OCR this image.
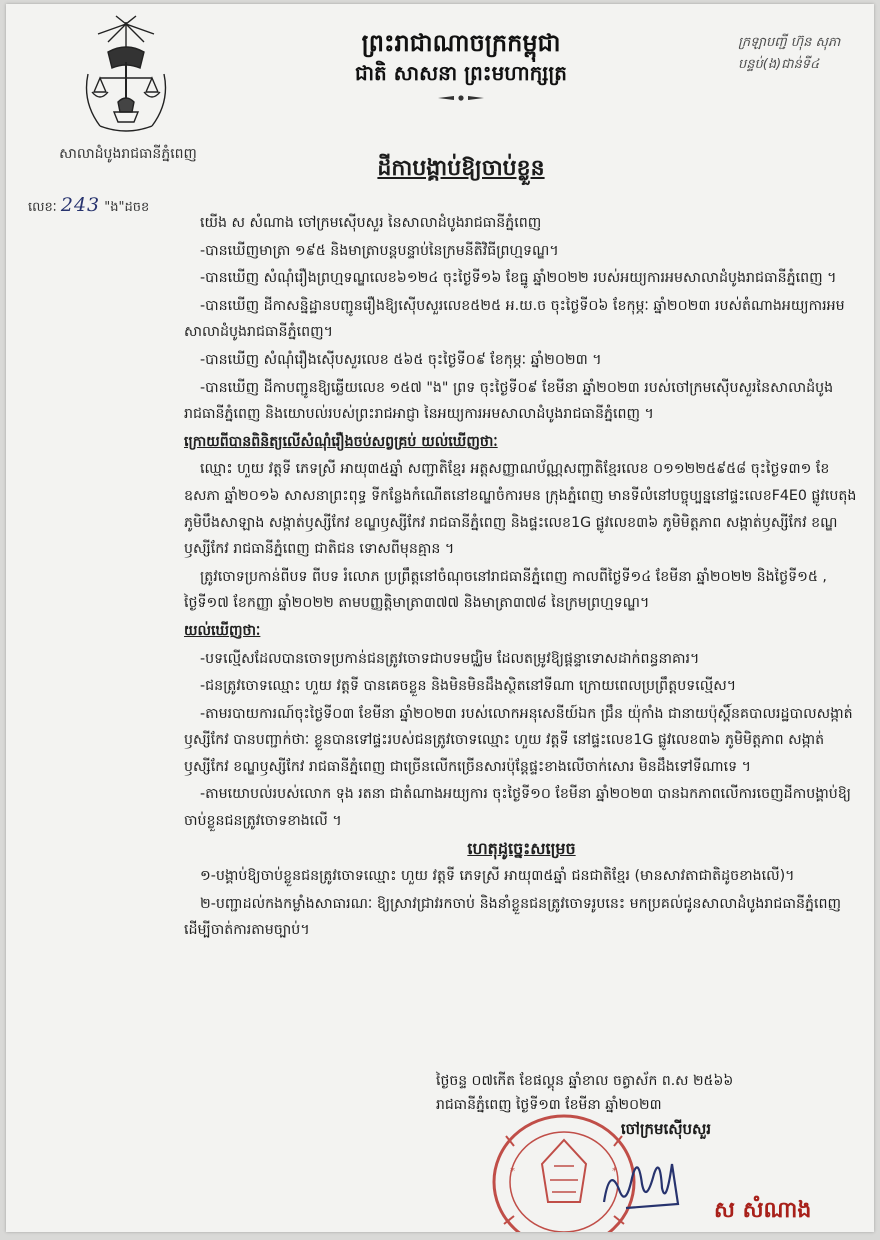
សាលាដំបូងរាជធានីភ្នំពេញ
លេខៈ 243 "ង"ដចខ
ព្រះរាជាណាចក្រកម្ពុជា
ជាតិ សាសនា ព្រះមហាក្សត្រ
ក្រឡាបញ្ជី ហ៊ុន សុភា
បន្ទប់(ង)ជាន់ទី៤
ដីកាបង្គាប់ឱ្យចាប់ខ្លួន

យើង ស សំណាង ចៅក្រមស៊ើបសួរ នៃសាលាដំបូងរាជធានីភ្នំពេញ

-បានឃើញមាត្រា ១៩៥ និងមាត្រាបន្តបន្ទាប់នៃក្រមនីតិវិធីព្រហ្មទណ្ឌ។

-បានឃើញ សំណុំរឿងព្រហ្មទណ្ឌលេខ៦១២៤ ចុះថ្ងៃទី១៦ ខែធ្នូ ឆ្នាំ២០២២ របស់អយ្យការអមសាលាដំបូងរាជធានីភ្នំពេញ ។

-បានឃើញ ដីកាសន្និដ្ឋានបញ្ជូនរឿងឱ្យស៊ើបសួរលេខ៥២៥ អ.យ.ច ចុះថ្ងៃទី០៦ ខែកុម្ភៈ ឆ្នាំ២០២៣ របស់តំណាងអយ្យការអមសាលាដំបូងរាជធានីភ្នំពេញ។

-បានឃើញ សំណុំរឿងស៊ើបសួរលេខ ៥៦៥ ចុះថ្ងៃទី០៩ ខែកុម្ភៈ ឆ្នាំ២០២៣ ។

-បានឃើញ ដីកាបញ្ជូនឱ្យឆ្លើយលេខ ១៥៧ "ង" ព្រទ ចុះថ្ងៃទី០៩ ខែមីនា ឆ្នាំ២០២៣ របស់ចៅក្រមស៊ើបសួរនៃសាលាដំបូងរាជធានីភ្នំពេញ និងយោបល់របស់ព្រះរាជអាជ្ញា នៃអយ្យការអមសាលាដំបូងរាជធានីភ្នំពេញ ។

ក្រោយពីបានពិនិត្យលើសំណុំរឿងចប់សព្វគ្រប់ យល់ឃើញថាៈ

ឈ្មោះ ហួយ វត្តទី ភេទស្រី អាយុ៣៥ឆ្នាំ សញ្ជាតិខ្មែរ អត្តសញ្ញាណប័ណ្ណសញ្ជាតិខ្មែរលេខ ០១១២២៥៩៥៨ ចុះថ្ងៃទ៣១ ខែឧសភា ឆ្នាំ២០១៦ សាសនាព្រះពុទ្ធ ទីកន្លែងកំណើតនៅខណ្ឌចំការមន ក្រុងភ្នំពេញ មានទីលំនៅបច្ចុប្បន្ននៅផ្ទះលេខF4E0 ផ្លូវបេតុង ភូមិបឹងសាឡាង សង្កាត់ឫស្សីកែវ ខណ្ឌឫស្សីកែវ រាជធានីភ្នំពេញ និងផ្ទះលេខ1G ផ្លូវលេខ៣៦ ភូមិមិត្តភាព សង្កាត់ឫស្សីកែវ ខណ្ឌឫស្សីកែវ រាជធានីភ្នំពេញ ជាតិជន ទោសពីមុនគ្មាន ។

ត្រូវចោទប្រកាន់ពីបទ ពីបទ រំលោភ ប្រព្រឹត្តនៅចំណុចនៅរាជធានីភ្នំពេញ កាលពីថ្ងៃទី១៤ ខែមីនា ឆ្នាំ២០២២ និងថ្ងៃទី១៥ , ថ្ងៃទី១៧ ខែកញ្ញា ឆ្នាំ២០២២ តាមបញ្ញត្តិមាត្រា៣៧៧ និងមាត្រា៣៧៨ នៃក្រមព្រហ្មទណ្ឌ។

យល់ឃើញថាៈ

-បទល្មើសដែលបានចោទប្រកាន់ជនត្រូវចោទជាបទមជ្ឈិម ដែលតម្រូវឱ្យផ្តន្ទាទោសដាក់ពន្ធនាគារ។

-ជនត្រូវចោទឈ្មោះ ហួយ វត្តទី បានគេចខ្លួន និងមិនមិនដឹងស្ថិតនៅទីណា ក្រោយពេលប្រព្រឹត្តបទល្មើស។

-តាមរបាយការណ៍ចុះថ្ងៃទី០៣ ខែមីនា ឆ្នាំ២០២៣ របស់លោកអនុសេនីយ៍ឯក ជ្រឹន យ៉ុកាំង ជានាយប៉ុស្តិ៍នគបាលរដ្ឋបាលសង្កាត់ឫស្សីកែវ បានបញ្ជាក់ថាៈ ខ្លួនបានទៅផ្ទះរបស់ជនត្រូវចោទឈ្មោះ ហួយ វត្តទី នៅផ្ទះលេខ1G ផ្លូវលេខ៣៦ ភូមិមិត្តភាព សង្កាត់ឫស្សីកែវ ខណ្ឌឫស្សីកែវ រាជធានីភ្នំពេញ ជាច្រើនលើកច្រើនសារប៉ុន្តែផ្ទះខាងលើចាក់សោរ មិនដឹងទៅទីណាទេ ។

-តាមយោបល់របស់លោក ទុង រតនា ជាតំណាងអយ្យការ ចុះថ្ងៃទី១០ ខែមីនា ឆ្នាំ២០២៣ បានឯកភាពលើការចេញដីកាបង្គាប់ឱ្យចាប់ខ្លួនជនត្រូវចោទខាងលើ ។

ហេតុដូច្នេះសម្រេច

១-បង្គាប់ឱ្យចាប់ខ្លួនជនត្រូវចោទឈ្មោះ ហួយ វត្តទី ភេទស្រី អាយុ៣៥ឆ្នាំ ជនជាតិខ្មែរ (មានសាវតាជាតិដូចខាងលើ)។

២-បញ្ជាដល់កងកម្លាំងសាធារណៈ ឱ្យស្រាវជ្រាវរកចាប់ និងនាំខ្លួនជនត្រូវចោទរូបនេះ មកប្រគល់ជូនសាលាដំបូងរាជធានីភ្នំពេញ ដើម្បីចាត់ការតាមច្បាប់។

ថ្ងៃចន្ទ ០៧កើត ខែផល្គុន ឆ្នាំខាល ចត្វាស័ក ព.ស ២៥៦៦
រាជធានីភ្នំពេញ ថ្ងៃទី១៣ ខែមីនា ឆ្នាំ២០២៣
*	*
ចៅក្រមស៊ើបសួរ
ស សំណាង
